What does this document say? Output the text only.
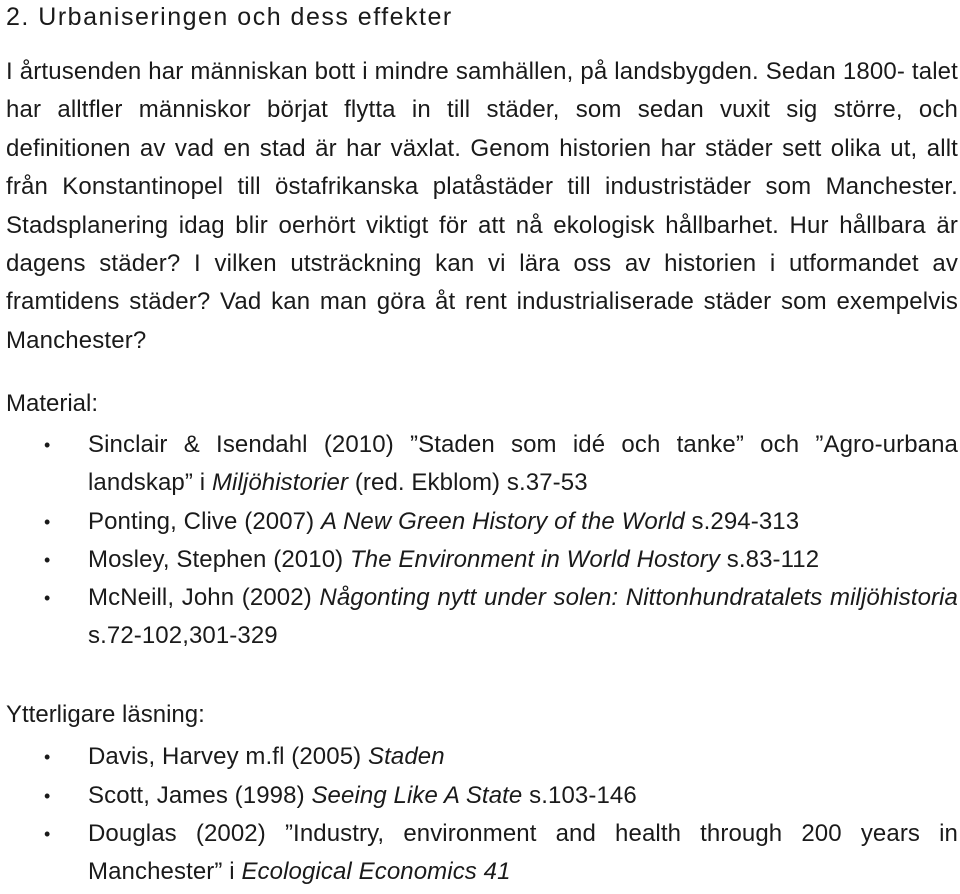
2. Urbaniseringen och dess effekter

I årtusenden har människan bott i mindre samhällen, på landsbygden. Sedan 1800- talet har alltfler människor börjat flytta in till städer, som sedan vuxit sig större, och definitionen av vad en stad är har växlat. Genom historien har städer sett olika ut, allt från Konstantinopel till östafrikanska platåstäder till industristäder som Manchester. Stadsplanering idag blir oerhört viktigt för att nå ekologisk hållbarhet. Hur hållbara är dagens städer? I vilken utsträckning kan vi lära oss av historien i utformandet av framtidens städer? Vad kan man göra åt rent industrialiserade städer som exempelvis Manchester?

Material:
• Sinclair & Isendahl (2010) ”Staden som idé och tanke” och ”Agro-urbana landskap” i Miljöhistorier (red. Ekblom) s.37-53
• Ponting, Clive (2007) A New Green History of the World s.294-313
• Mosley, Stephen (2010) The Environment in World Hostory s.83-112
• McNeill, John (2002) Någonting nytt under solen: Nittonhundratalets miljöhistoria s.72-102,301-329
Ytterligare läsning:
• Davis, Harvey m.fl (2005) Staden
• Scott, James (1998) Seeing Like A State s.103-146
• Douglas (2002) ”Industry, environment and health through 200 years in Manchester” i Ecological Economics 41
